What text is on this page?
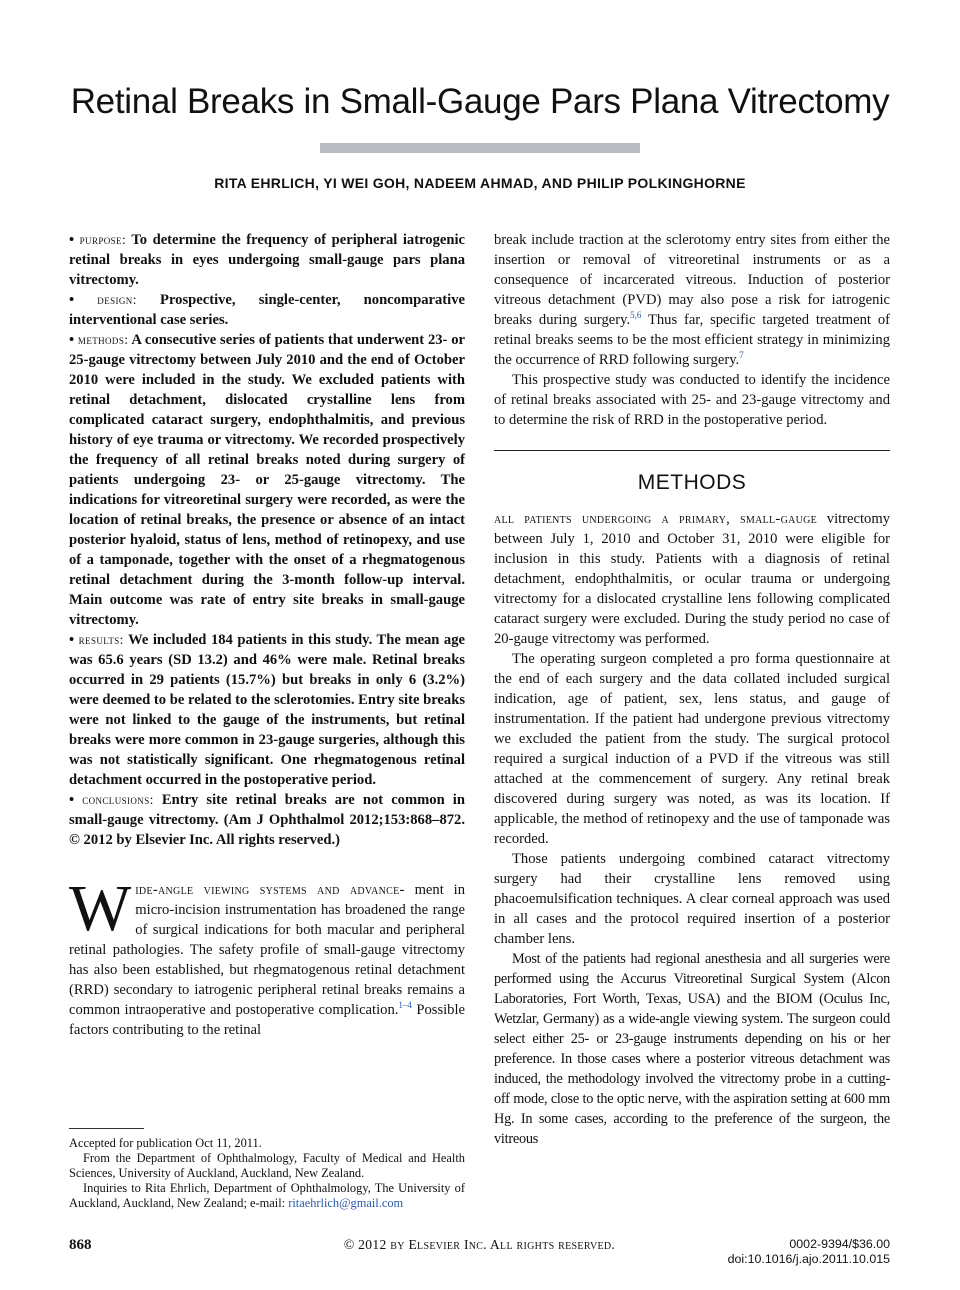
Retinal Breaks in Small-Gauge Pars Plana Vitrectomy
RITA EHRLICH, YI WEI GOH, NADEEM AHMAD, AND PHILIP POLKINGHORNE

• purpose: To determine the frequency of peripheral iatrogenic retinal breaks in eyes undergoing small-gauge pars plana vitrectomy.

• design: Prospective, single-center, noncomparative interventional case series.

• methods: A consecutive series of patients that underwent 23- or 25-gauge vitrectomy between July 2010 and the end of October 2010 were included in the study. We excluded patients with retinal detachment, dislocated crystalline lens from complicated cataract surgery, endophthalmitis, and previous history of eye trauma or vitrectomy. We recorded prospectively the frequency of all retinal breaks noted during surgery of patients undergoing 23- or 25-gauge vitrectomy. The indications for vitreoretinal surgery were recorded, as were the location of retinal breaks, the presence or absence of an intact posterior hyaloid, status of lens, method of retinopexy, and use of a tamponade, together with the onset of a rhegmatogenous retinal detachment during the 3-month follow-up interval. Main outcome was rate of entry site breaks in small-gauge vitrectomy.

• results: We included 184 patients in this study. The mean age was 65.6 years (SD 13.2) and 46% were male. Retinal breaks occurred in 29 patients (15.7%) but breaks in only 6 (3.2%) were deemed to be related to the sclerotomies. Entry site breaks were not linked to the gauge of the instruments, but retinal breaks were more common in 23-gauge surgeries, although this was not statistically significant. One rhegmatogenous retinal detachment occurred in the postoperative period.

• conclusions: Entry site retinal breaks are not common in small-gauge vitrectomy. (Am J Ophthalmol 2012;153:868–872. © 2012 by Elsevier Inc. All rights reserved.)

Wide-angle viewing systems and advance- ment in micro-incision instrumentation has broadened the range of surgical indications for both macular and peripheral retinal pathologies. The safety profile of small-gauge vitrectomy has also been established, but rhegmatogenous retinal detachment (RRD) secondary to iatrogenic peripheral retinal breaks remains a common intraoperative and postoperative complication.$^{1-4}$ Possible factors contributing to the retinal

break include traction at the sclerotomy entry sites from either the insertion or removal of vitreoretinal instruments or as a consequence of incarcerated vitreous. Induction of posterior vitreous detachment (PVD) may also pose a risk for iatrogenic breaks during surgery.$^{5,6}$ Thus far, specific targeted treatment of retinal breaks seems to be the most efficient strategy in minimizing the occurrence of RRD following surgery.$^7$

This prospective study was conducted to identify the incidence of retinal breaks associated with 25- and 23-gauge vitrectomy and to determine the risk of RRD in the postoperative period.

METHODS

all patients undergoing a primary, small-gauge vitrectomy between July 1, 2010 and October 31, 2010 were eligible for inclusion in this study. Patients with a diagnosis of retinal detachment, endophthalmitis, or ocular trauma or undergoing vitrectomy for a dislocated crystalline lens following complicated cataract surgery were excluded. During the study period no case of 20-gauge vitrectomy was performed.

The operating surgeon completed a pro forma questionnaire at the end of each surgery and the data collated included surgical indication, age of patient, sex, lens status, and gauge of instrumentation. If the patient had undergone previous vitrectomy we excluded the patient from the study. The surgical protocol required a surgical induction of a PVD if the vitreous was still attached at the commencement of surgery. Any retinal break discovered during surgery was noted, as was its location. If applicable, the method of retinopexy and the use of tamponade was recorded.

Those patients undergoing combined cataract vitrectomy surgery had their crystalline lens removed using phacoemulsification techniques. A clear corneal approach was used in all cases and the protocol required insertion of a posterior chamber lens.

Most of the patients had regional anesthesia and all surgeries were performed using the Accurus Vitreoretinal Surgical System (Alcon Laboratories, Fort Worth, Texas, USA) and the BIOM (Oculus Inc, Wetzlar, Germany) as a wide-angle viewing system. The surgeon could select either 25- or 23-gauge instruments depending on his or her preference. In those cases where a posterior vitreous detachment was induced, the methodology involved the vitrectomy probe in a cutting-off mode, close to the optic nerve, with the aspiration setting at 600 mm Hg. In some cases, according to the preference of the surgeon, the vitreous

Accepted for publication Oct 11, 2011.

From the Department of Ophthalmology, Faculty of Medical and Health Sciences, University of Auckland, Auckland, New Zealand.

Inquiries to Rita Ehrlich, Department of Ophthalmology, The University of Auckland, Auckland, New Zealand; e-mail: ritaehrlich@gmail.com

© 2012 by Elsevier Inc. All rights reserved.
868	0002-9394/$36.00
doi:10.1016/j.ajo.2011.10.015
